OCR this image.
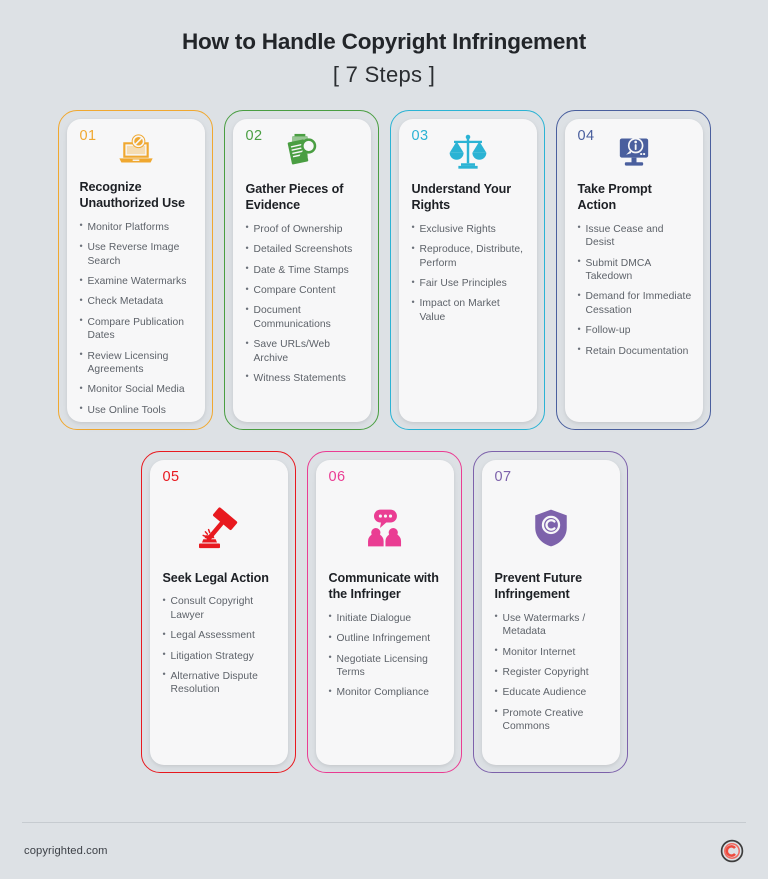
How to Handle Copyright Infringement
[ 7 Steps ]
01
Recognize Unauthorized Use
• Monitor Platforms
• Use Reverse Image Search
• Examine Watermarks
• Check Metadata
• Compare Publication Dates
• Review Licensing Agreements
• Monitor Social Media
• Use Online Tools
02
Gather Pieces of Evidence
• Proof of Ownership
• Detailed Screenshots
• Date & Time Stamps
• Compare Content
• Document Communications
• Save URLs/Web Archive
• Witness Statements
03
Understand Your Rights
• Exclusive Rights
• Reproduce, Distribute, Perform
• Fair Use Principles
• Impact on Market Value
04
Take Prompt Action
• Issue Cease and Desist
• Submit DMCA Takedown
• Demand for Immediate Cessation
• Follow-up
• Retain Documentation
05
Seek Legal Action
• Consult Copyright Lawyer
• Legal Assessment
• Litigation Strategy
• Alternative Dispute Resolution
06
Communicate with the Infringer
• Initiate Dialogue
• Outline Infringement
• Negotiate Licensing Terms
• Monitor Compliance
07
Prevent Future Infringement
• Use Watermarks / Metadata
• Monitor Internet
• Register Copyright
• Educate Audience
• Promote Creative Commons
copyrighted.com
